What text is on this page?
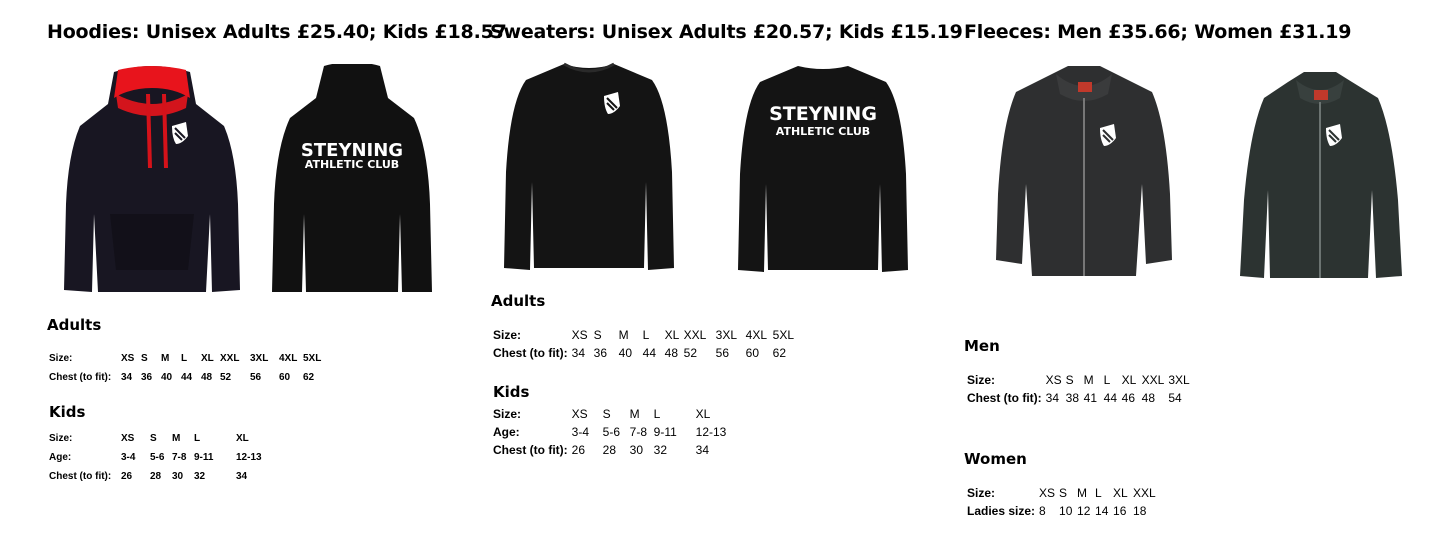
Hoodies: Unisex Adults £25.40; Kids £18.57
STEYNING
ATHLETIC CLUB
Adults
Size:	XS	S	M	L	XL	XXL	3XL	4XL	5XL
Chest (to fit):	34	36	40	44	48	52	56	60	62
Kids
Size:	XS	S	M	L	XL
Age:	3-4	5-6	7-8	9-11	12-13
Chest (to fit):	26	28	30	32	34
Sweaters: Unisex Adults £20.57; Kids £15.19
STEYNING
ATHLETIC CLUB
Adults
Size:	XS	S	M	L	XL	XXL	3XL	4XL	5XL
Chest (to fit):	34	36	40	44	48	52	56	60	62
Kids
Size:	XS	S	M	L	XL
Age:	3-4	5-6	7-8	9-11	12-13
Chest (to fit):	26	28	30	32	34
Fleeces: Men £35.66; Women £31.19
Men
Size:	XS	S	M	L	XL	XXL	3XL
Chest (to fit):	34	38	41	44	46	48	54
Women
Size:	XS	S	M	L	XL	XXL
Ladies size:	8	10	12	14	16	18
